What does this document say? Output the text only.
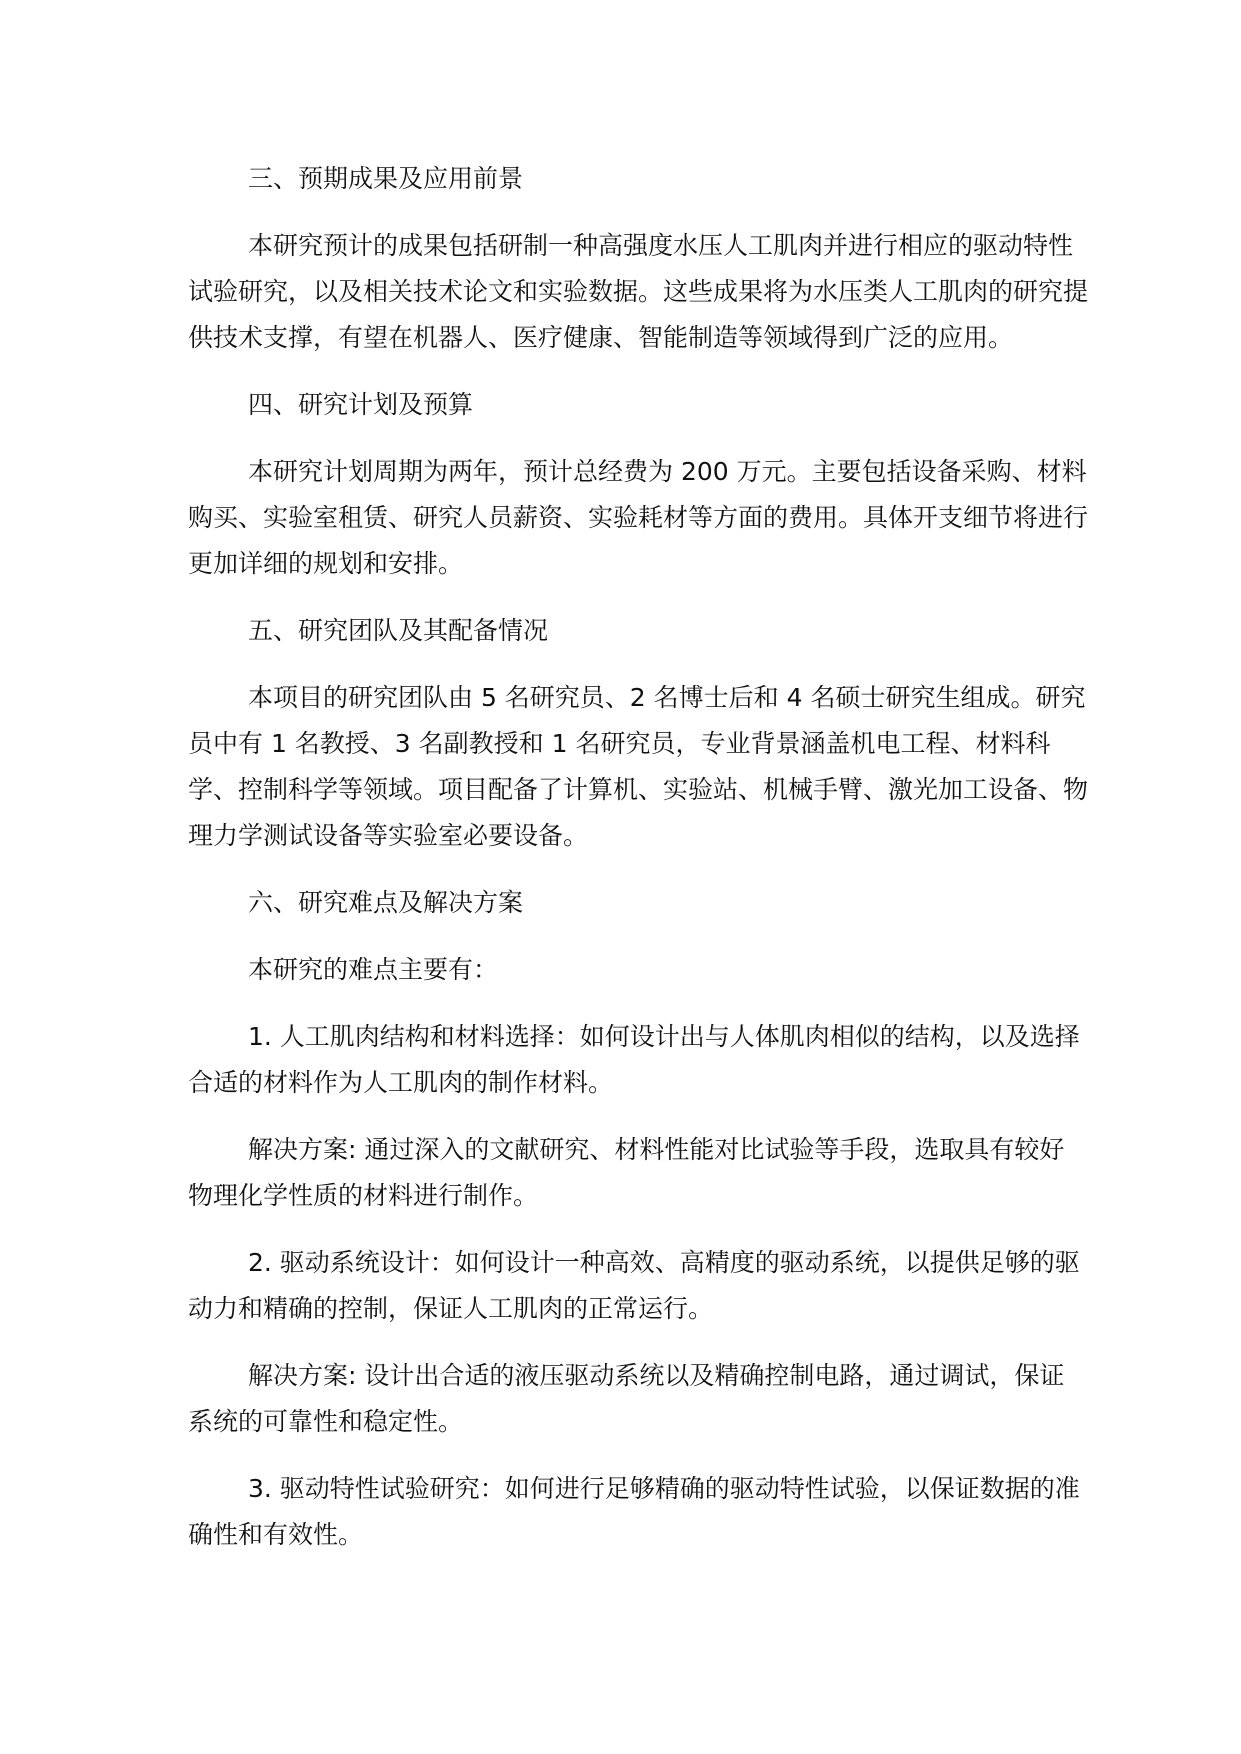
三、预期成果及应用前景

本研究预计的成果包括研制一种高强度水压人工肌肉并进行相应的驱动特性试验研究，以及相关技术论文和实验数据。这些成果将为水压类人工肌肉的研究提供技术支撑，有望在机器人、医疗健康、智能制造等领域得到广泛的应用。

四、研究计划及预算

本研究计划周期为两年，预计总经费为 200 万元。主要包括设备采购、材料购买、实验室租赁、研究人员薪资、实验耗材等方面的费用。具体开支细节将进行更加详细的规划和安排。

五、研究团队及其配备情况

本项目的研究团队由 5 名研究员、2 名博士后和 4 名硕士研究生组成。研究员中有 1 名教授、3 名副教授和 1 名研究员，专业背景涵盖机电工程、材料科学、控制科学等领域。项目配备了计算机、实验站、机械手臂、激光加工设备、物理力学测试设备等实验室必要设备。

六、研究难点及解决方案

本研究的难点主要有：

1. 人工肌肉结构和材料选择：如何设计出与人体肌肉相似的结构，以及选择合适的材料作为人工肌肉的制作材料。

解决方案: 通过深入的文献研究、材料性能对比试验等手段，选取具有较好物理化学性质的材料进行制作。

2. 驱动系统设计：如何设计一种高效、高精度的驱动系统，以提供足够的驱动力和精确的控制，保证人工肌肉的正常运行。

解决方案: 设计出合适的液压驱动系统以及精确控制电路，通过调试，保证系统的可靠性和稳定性。

3. 驱动特性试验研究：如何进行足够精确的驱动特性试验，以保证数据的准确性和有效性。
